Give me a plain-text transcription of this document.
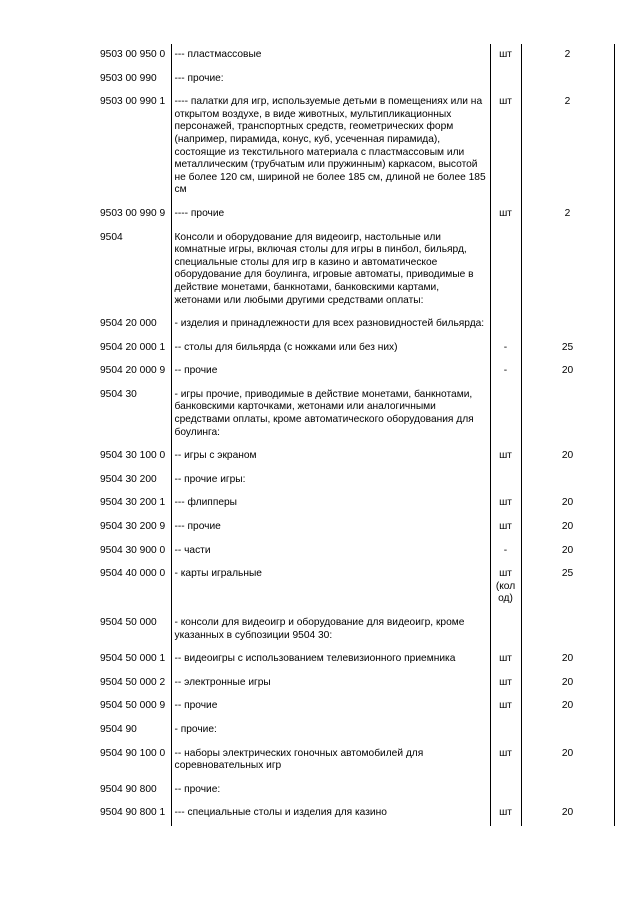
9503 00 950 0	--- пластмассовые	шт	2
9503 00 990	--- прочие:		
9503 00 990 1	---- палатки для игр, используемые детьми в помещениях или на открытом воздухе, в виде животных, мультипликационных персонажей, транспортных средств, геометрических форм (например, пирамида, конус, куб, усеченная пирамида), состоящие из текстильного материала с пластмассовым или металлическим (трубчатым или пружинным) каркасом, высотой не более 120 см, шириной не более 185 см, длиной не более 185 см	шт	2
9503 00 990 9	---- прочие	шт	2
9504	Консоли и оборудование для видеоигр, настольные или комнатные игры, включая столы для игры в пинбол, бильярд, специальные столы для игр в казино и автоматическое оборудование для боулинга, игровые автоматы, приводимые в действие монетами, банкнотами, банковскими картами, жетонами или любыми другими средствами оплаты:		
9504 20 000	- изделия и принадлежности для всех разновидностей бильярда:		
9504 20 000 1	-- столы для бильярда (с ножками или без них)	-	25
9504 20 000 9	-- прочие	-	20
9504 30	- игры прочие, приводимые в действие монетами, банкнотами, банковскими карточками, жетонами или аналогичными средствами оплаты, кроме автоматического оборудования для боулинга:		
9504 30 100 0	-- игры с экраном	шт	20
9504 30 200	-- прочие игры:		
9504 30 200 1	--- флипперы	шт	20
9504 30 200 9	--- прочие	шт	20
9504 30 900 0	-- части	-	20
9504 40 000 0	- карты игральные	шт (кол од)	25
9504 50 000	- консоли для видеоигр и оборудование для видеоигр, кроме указанных в субпозиции 9504 30:		
9504 50 000 1	-- видеоигры с использованием телевизионного приемника	шт	20
9504 50 000 2	-- электронные игры	шт	20
9504 50 000 9	-- прочие	шт	20
9504 90	- прочие:		
9504 90 100 0	-- наборы электрических гоночных автомобилей для соревновательных игр	шт	20
9504 90 800	-- прочие:		
9504 90 800 1	--- специальные столы и изделия для казино	шт	20
